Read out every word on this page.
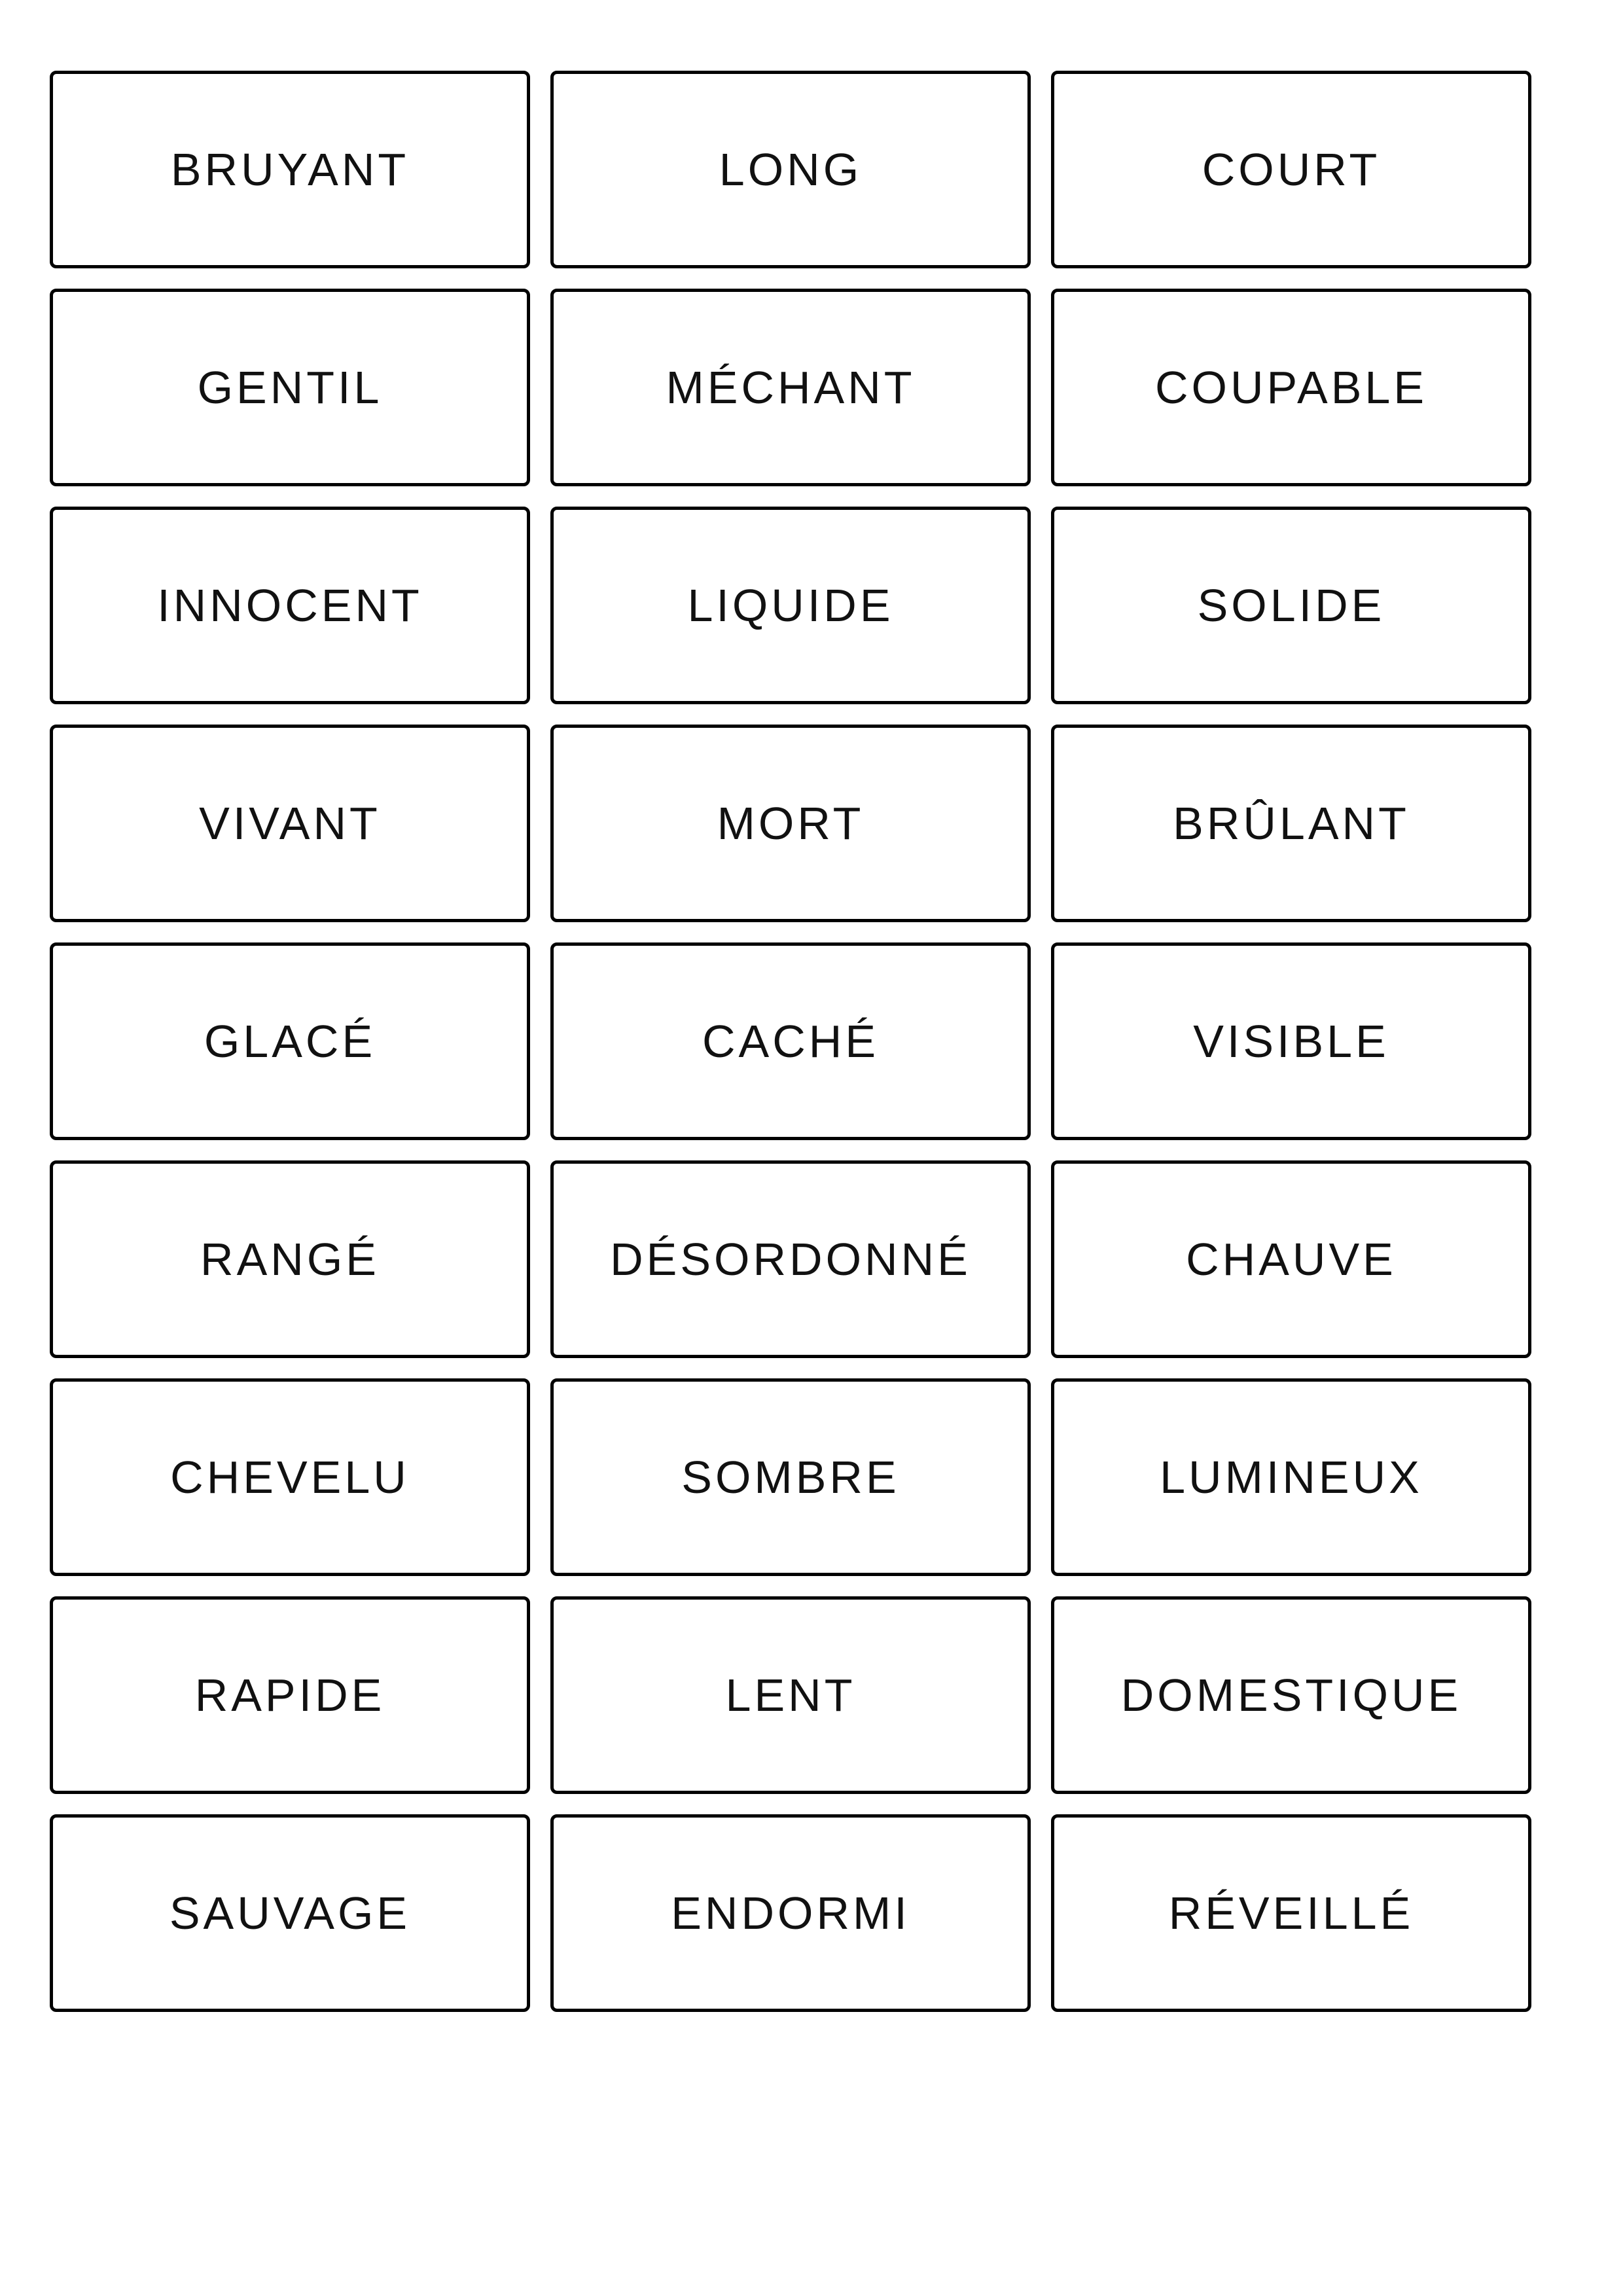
BRUYANT	LONG	COURT
GENTIL	MÉCHANT	COUPABLE
INNOCENT	LIQUIDE	SOLIDE
VIVANT	MORT	BRÛLANT
GLACÉ	CACHÉ	VISIBLE
RANGÉ	DÉSORDONNÉ	CHAUVE
CHEVELU	SOMBRE	LUMINEUX
RAPIDE	LENT	DOMESTIQUE
SAUVAGE	ENDORMI	RÉVEILLÉ
